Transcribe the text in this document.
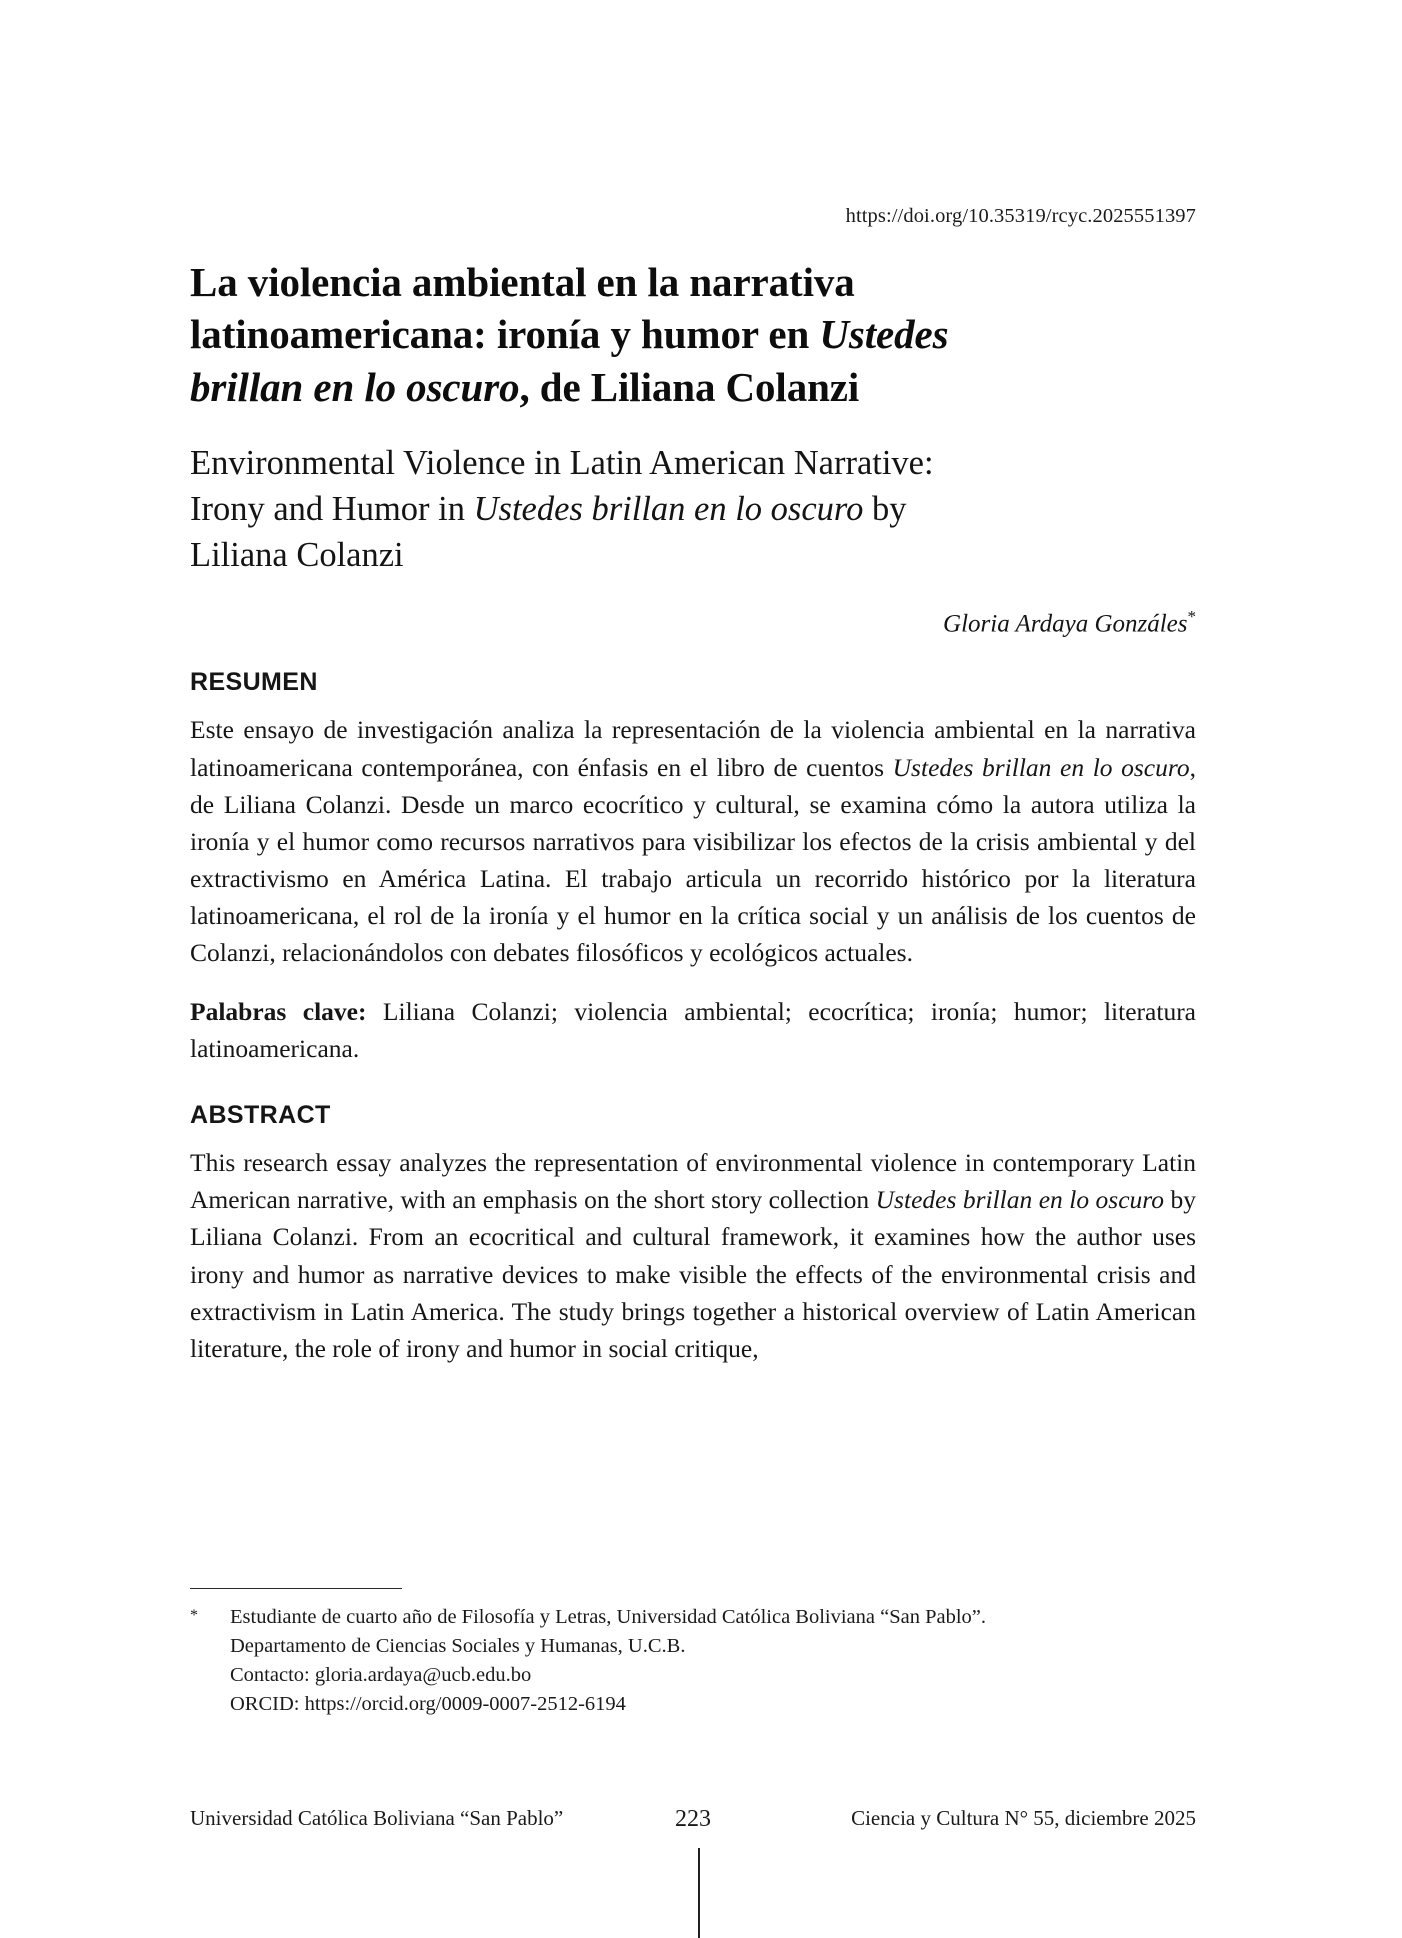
https://doi.org/10.35319/rcyc.2025551397
La violencia ambiental en la narrativa
latinoamericana: ironía y humor en Ustedes
brillan en lo oscuro, de Liliana Colanzi
Environmental Violence in Latin American Narrative:
Irony and Humor in Ustedes brillan en lo oscuro by
Liliana Colanzi
Gloria Ardaya Gonzáles*
RESUMEN

Este ensayo de investigación analiza la representación de la violencia ambiental en la narrativa latinoamericana contemporánea, con énfasis en el libro de cuentos Ustedes brillan en lo oscuro, de Liliana Colanzi. Desde un marco ecocrítico y cultural, se examina cómo la autora utiliza la ironía y el humor como recursos narrativos para visibilizar los efectos de la crisis ambiental y del extractivismo en América Latina. El trabajo articula un recorrido histórico por la literatura latinoamericana, el rol de la ironía y el humor en la crítica social y un análisis de los cuentos de Colanzi, relacionándolos con debates filosóficos y ecológicos actuales.

Palabras clave: Liliana Colanzi; violencia ambiental; ecocrítica; ironía; humor; literatura latinoamericana.

ABSTRACT

This research essay analyzes the representation of environmental violence in contemporary Latin American narrative, with an emphasis on the short story collection Ustedes brillan en lo oscuro by Liliana Colanzi. From an ecocritical and cultural framework, it examines how the author uses irony and humor as narrative devices to make visible the effects of the environmental crisis and extractivism in Latin America. The study brings together a historical overview of Latin American literature, the role of irony and humor in social critique,

*	Estudiante de cuarto año de Filosofía y Letras, Universidad Católica Boliviana “San Pablo”.
Departamento de Ciencias Sociales y Humanas, U.C.B.
Contacto: gloria.ardaya@ucb.edu.bo
ORCID: https://orcid.org/0009-0007-2512-6194
Universidad Católica Boliviana “San Pablo”	223	Ciencia y Cultura N° 55, diciembre 2025
